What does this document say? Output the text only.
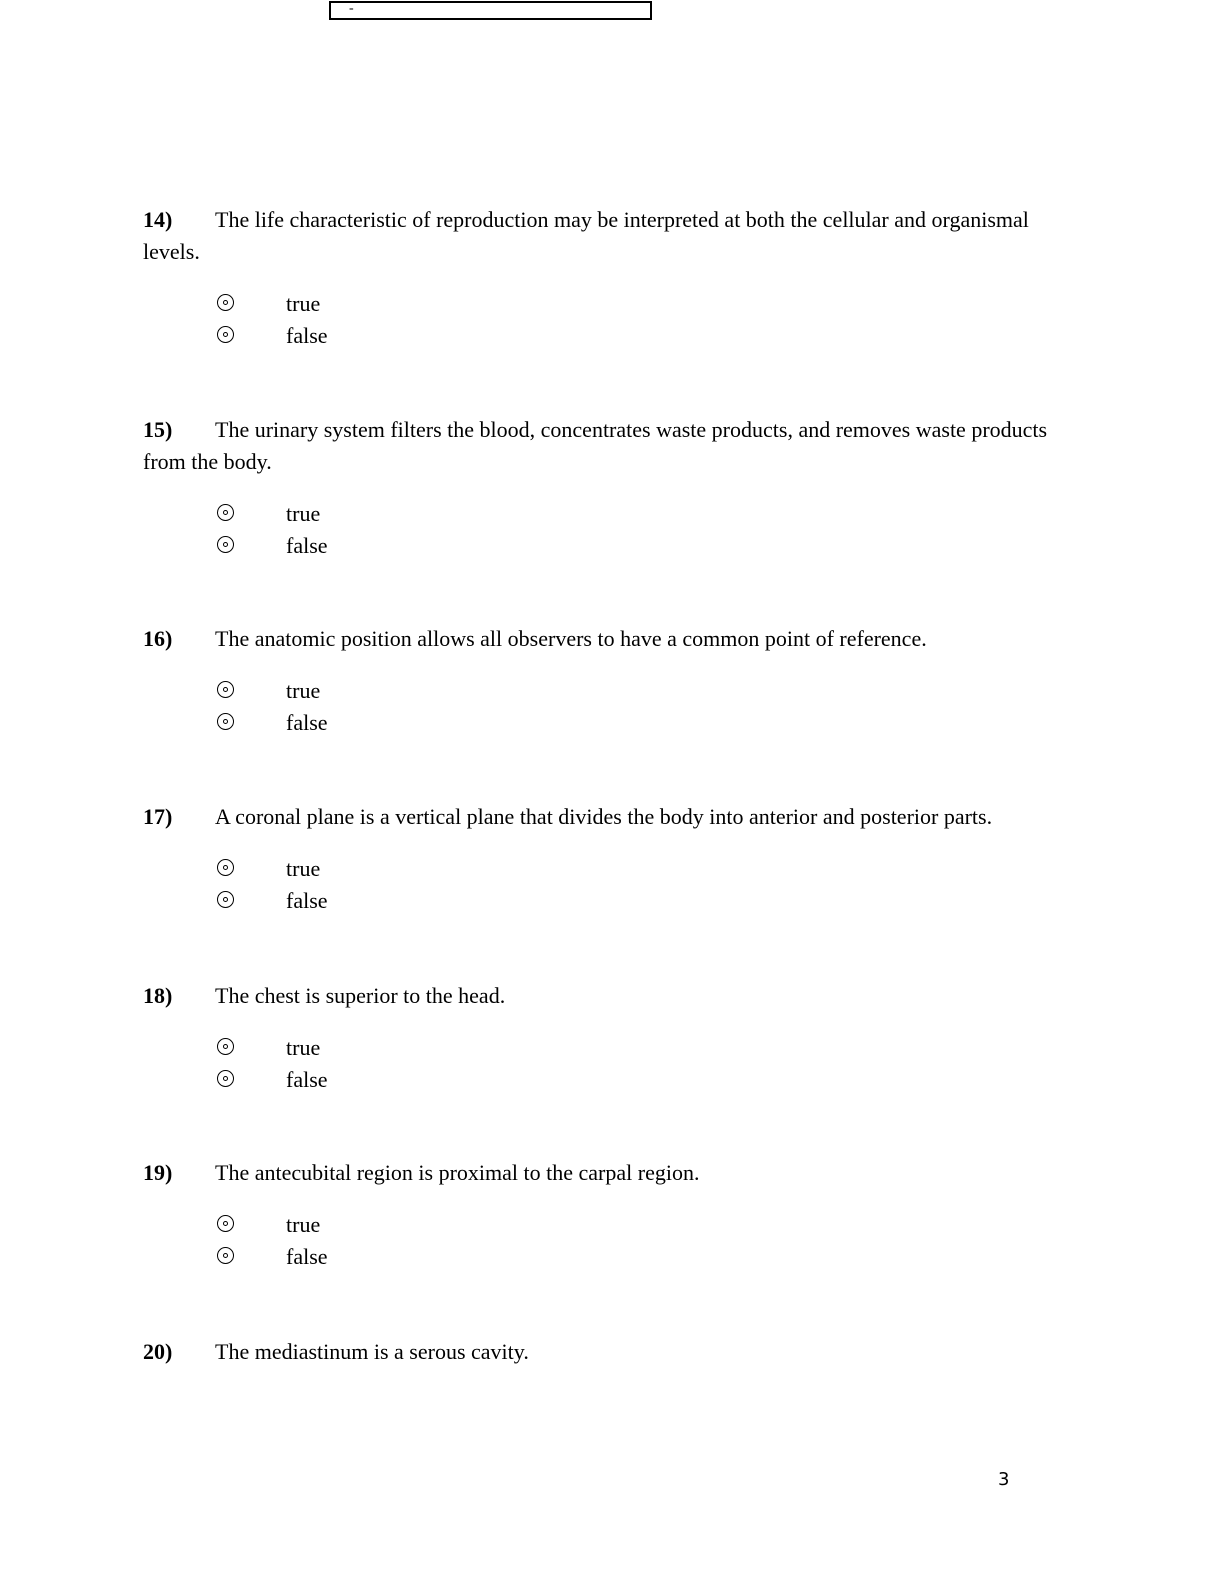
-

14) The life characteristic of reproduction may be interpreted at both the cellular and organismal levels.

true
false

15) The urinary system filters the blood, concentrates waste products, and removes waste products from the body.

true
false

16) The anatomic position allows all observers to have a common point of reference.

true
false

17) A coronal plane is a vertical plane that divides the body into anterior and posterior parts.

true
false

18) The chest is superior to the head.

true
false

19) The antecubital region is proximal to the carpal region.

true
false

20) The mediastinum is a serous cavity.

3
